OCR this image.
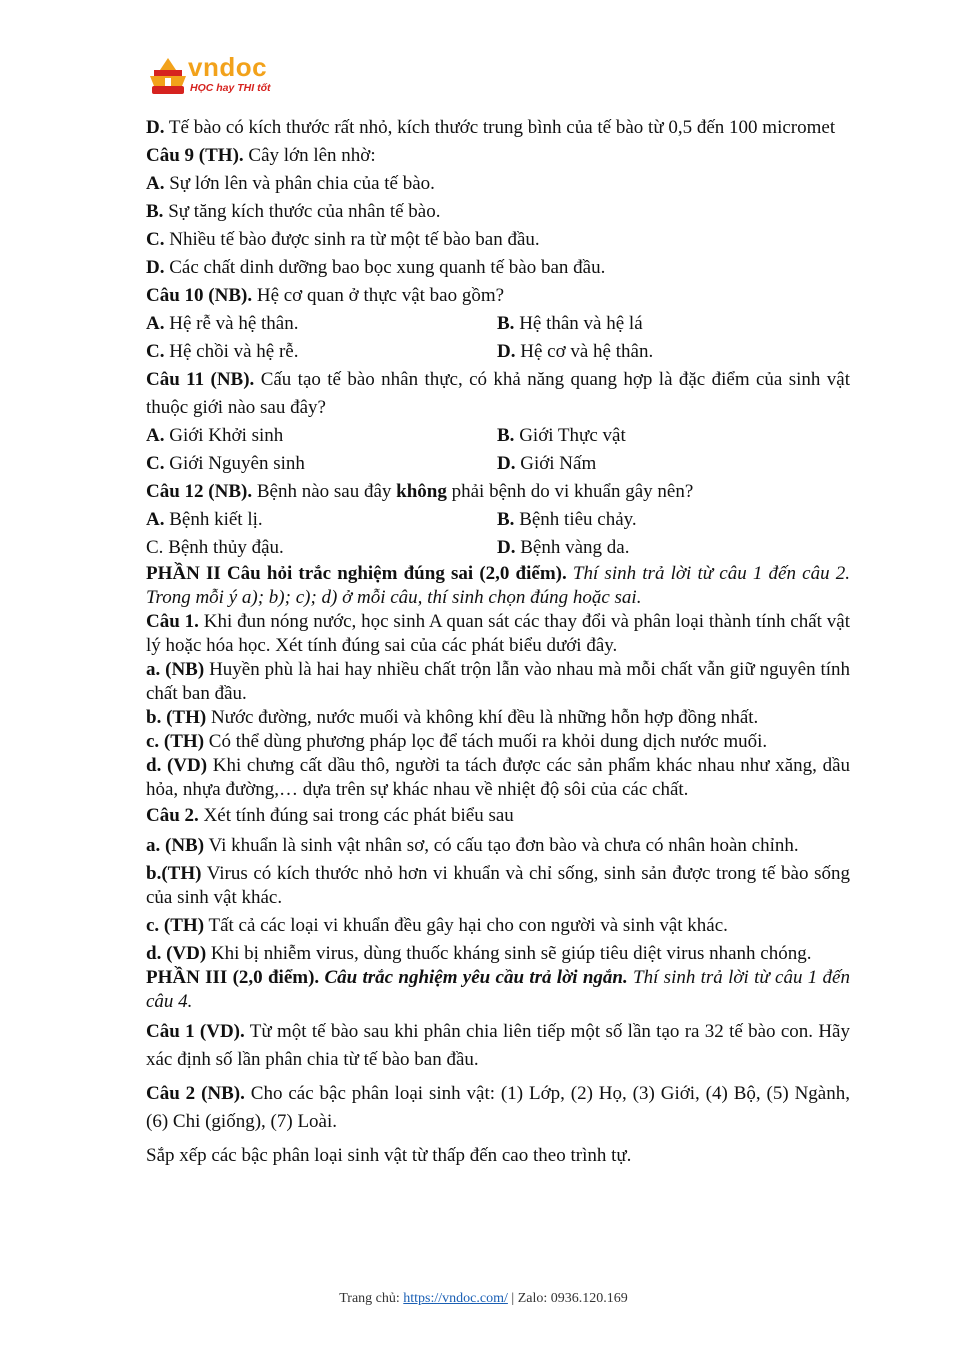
vndoc
HỌC hay THI tốt

D. Tế bào có kích thước rất nhỏ, kích thước trung bình của tế bào từ 0,5 đến 100 micromet

Câu 9 (TH). Cây lớn lên nhờ:

A. Sự lớn lên và phân chia của tế bào.

B. Sự tăng kích thước của nhân tế bào.

C. Nhiều tế bào được sinh ra từ một tế bào ban đầu.

D. Các chất dinh dưỡng bao bọc xung quanh tế bào ban đầu.

Câu 10 (NB). Hệ cơ quan ở thực vật bao gồm?

A. Hệ rễ và hệ thân.	B. Hệ thân và hệ lá
C. Hệ chồi và hệ rễ.	D. Hệ cơ và hệ thân.

Câu 11 (NB). Cấu tạo tế bào nhân thực, có khả năng quang hợp là đặc điểm của sinh vật thuộc giới nào sau đây?

A. Giới Khởi sinh	B. Giới Thực vật
C. Giới Nguyên sinh	D. Giới Nấm

Câu 12 (NB). Bệnh nào sau đây không phải bệnh do vi khuẩn gây nên?

A. Bệnh kiết lị.	B. Bệnh tiêu chảy.
C. Bệnh thủy đậu.	D. Bệnh vàng da.

PHẦN II Câu hỏi trắc nghiệm đúng sai (2,0 điểm). Thí sinh trả lời từ câu 1 đến câu 2. Trong mỗi ý a); b); c); d) ở mỗi câu, thí sinh chọn đúng hoặc sai.

Câu 1. Khi đun nóng nước, học sinh A quan sát các thay đổi và phân loại thành tính chất vật lý hoặc hóa học. Xét tính đúng sai của các phát biểu dưới đây.

a. (NB) Huyền phù là hai hay nhiều chất trộn lẫn vào nhau mà mỗi chất vẫn giữ nguyên tính chất ban đầu.

b. (TH) Nước đường, nước muối và không khí đều là những hỗn hợp đồng nhất.

c. (TH) Có thể dùng phương pháp lọc để tách muối ra khỏi dung dịch nước muối.

d. (VD) Khi chưng cất dầu thô, người ta tách được các sản phẩm khác nhau như xăng, dầu hỏa, nhựa đường,… dựa trên sự khác nhau về nhiệt độ sôi của các chất.

Câu 2. Xét tính đúng sai trong các phát biểu sau

a. (NB) Vi khuẩn là sinh vật nhân sơ, có cấu tạo đơn bào và chưa có nhân hoàn chỉnh.

b.(TH) Virus có kích thước nhỏ hơn vi khuẩn và chỉ sống, sinh sản được trong tế bào sống của sinh vật khác.

c. (TH) Tất cả các loại vi khuẩn đều gây hại cho con người và sinh vật khác.

d. (VD) Khi bị nhiễm virus, dùng thuốc kháng sinh sẽ giúp tiêu diệt virus nhanh chóng.

PHẦN III (2,0 điểm). Câu trắc nghiệm yêu cầu trả lời ngắn. Thí sinh trả lời từ câu 1 đến câu 4.

Câu 1 (VD). Từ một tế bào sau khi phân chia liên tiếp một số lần tạo ra 32 tế bào con. Hãy xác định số lần phân chia từ tế bào ban đầu.

Câu 2 (NB). Cho các bậc phân loại sinh vật: (1) Lớp, (2) Họ, (3) Giới, (4) Bộ, (5) Ngành, (6) Chi (giống), (7) Loài.

Sắp xếp các bậc phân loại sinh vật từ thấp đến cao theo trình tự.

Trang chủ: https://vndoc.com/ | Zalo: 0936.120.169
